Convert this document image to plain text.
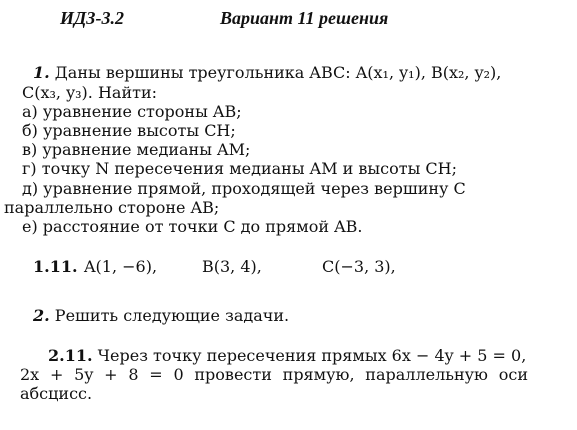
ИДЗ-3.2	Вариант 11 решения
1. Даны вершины треугольника ABC: A(x₁, y₁), B(x₂, y₂),
C(x₃, y₃). Найти:
а) уравнение стороны AB;
б) уравнение высоты CH;
в) уравнение медианы AM;
г) точку N пересечения медианы AM и высоты CH;
д) уравнение прямой, проходящей через вершину C
параллельно стороне AB;
е) расстояние от точки C до прямой AB.
1.11. A(1, −6),	B(3, 4),	C(−3, 3),
2. Решить следующие задачи.
2.11. Через точку пересечения прямых 6x − 4y + 5 = 0,
2x + 5y + 8 = 0 провести прямую, параллельную оси
абсцисс.
